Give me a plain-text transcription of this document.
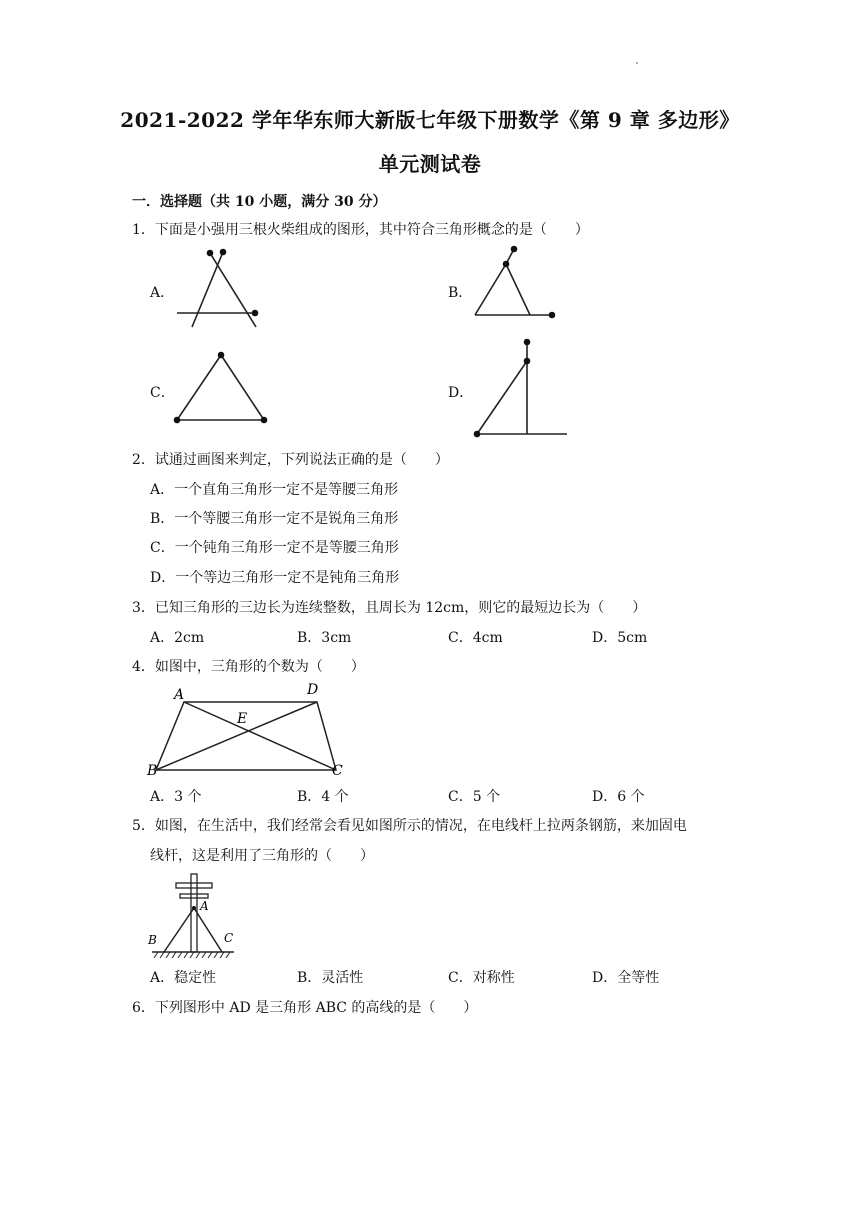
2021-2022 学年华东师大新版七年级下册数学《第 9 章 多边形》
单元测试卷
一．选择题（共 10 小题，满分 30 分）
1．下面是小强用三根火柴组成的图形，其中符合三角形概念的是（　　）
A．	B．
C．	D．
2．试通过画图来判定，下列说法正确的是（　　）
A．一个直角三角形一定不是等腰三角形
B．一个等腰三角形一定不是锐角三角形
C．一个钝角三角形一定不是等腰三角形
D．一个等边三角形一定不是钝角三角形
3．已知三角形的三边长为连续整数，且周长为 12cm，则它的最短边长为（　　）
A．2cm	B．3cm	C．4cm	D．5cm
4．如图中，三角形的个数为（　　）
A	D
E
B	C
A．3 个	B．4 个	C．5 个	D．6 个
5．如图，在生活中，我们经常会看见如图所示的情况，在电线杆上拉两条钢筋，来加固电
线杆，这是利用了三角形的（　　）
A
B	C
A．稳定性	B．灵活性	C．对称性	D．全等性
6．下列图形中 AD 是三角形 ABC 的高线的是（　　）
